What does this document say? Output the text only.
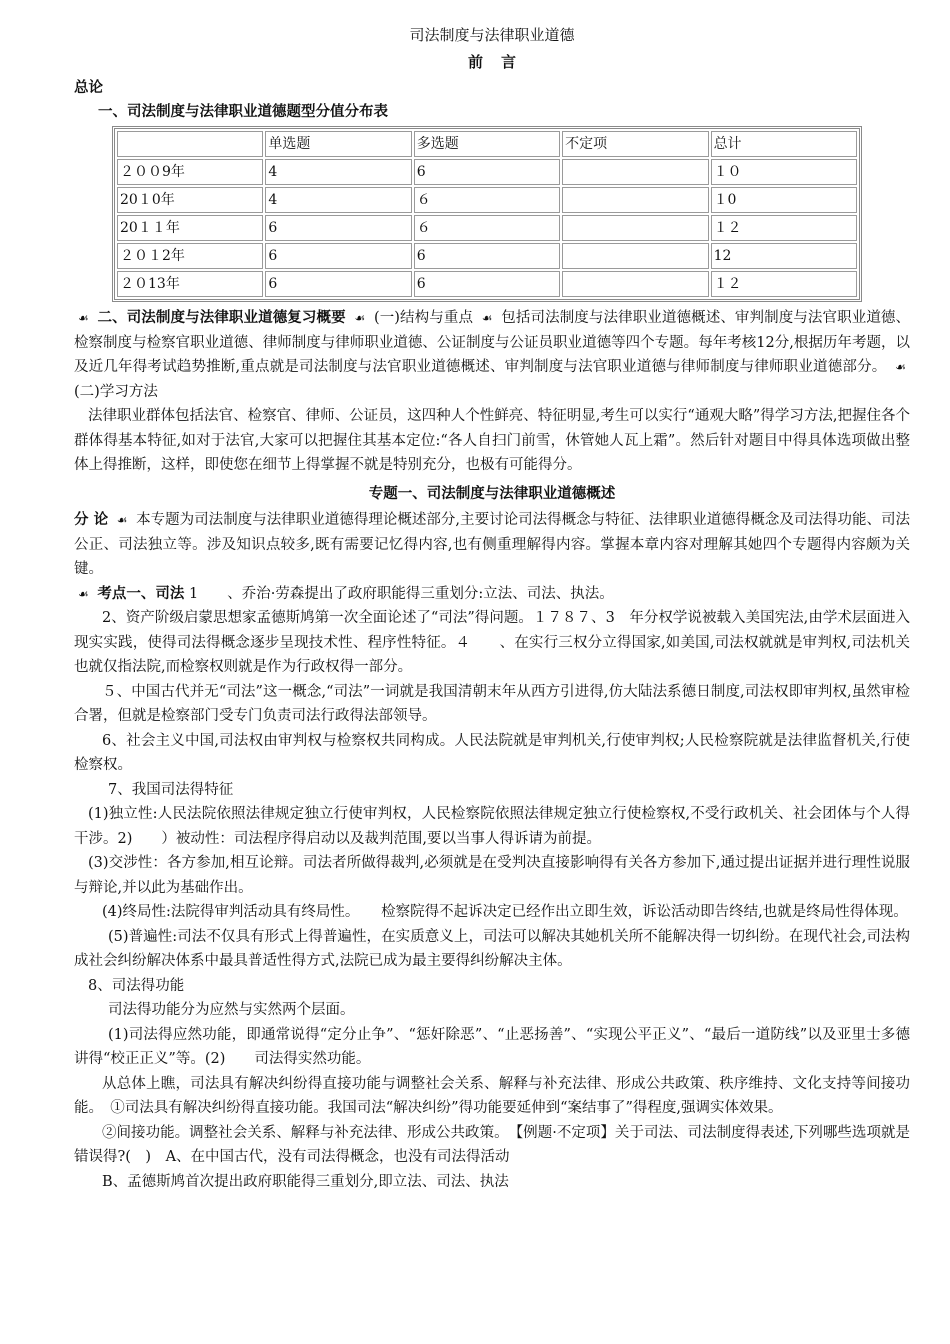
司法制度与法律职业道德
前言
总论
一、司法制度与法律职业道德题型分值分布表
	单选题	多选题	不定项	总计
２００9年	4	6		１０
20１0年	4	６		１0
20１１年	6	６		１２
２０１2年	6	6		12
２０13年	6	6		１２

☙ 二、司法制度与法律职业道德复习概要 ☙ (一)结构与重点 ☙ 包括司法制度与法律职业道德概述、审判制度与法官职业道德、检察制度与检察官职业道德、律师制度与律师职业道德、公证制度与公证员职业道德等四个专题。每年考核12分,根据历年考题，以及近几年得考试趋势推断,重点就是司法制度与法官职业道德概述、审判制度与法官职业道德与律师制度与律师职业道德部分。 ☙ (二)学习方法

法律职业群体包括法官、检察官、律师、公证员，这四种人个性鲜亮、特征明显,考生可以实行“通观大略”得学习方法,把握住各个群体得基本特征,如对于法官,大家可以把握住其基本定位:“各人自扫门前雪，休管她人瓦上霜”。然后针对题目中得具体选项做出整体上得推断，这样，即使您在细节上得掌握不就是特别充分，也极有可能得分。

专题一、司法制度与法律职业道德概述

分 论 ☙ 本专题为司法制度与法律职业道德得理论概述部分,主要讨论司法得概念与特征、法律职业道德得概念及司法得功能、司法公正、司法独立等。涉及知识点较多,既有需要记忆得内容,也有侧重理解得内容。掌握本章内容对理解其她四个专题得内容颇为关键。

☙ 考点一、司法 1　　、乔治·劳森提出了政府职能得三重划分:立法、司法、执法。

2、资产阶级启蒙思想家孟德斯鸠第一次全面论述了“司法”得问题。１７８７、3　年分权学说被载入美国宪法,由学术层面进入现实实践，使得司法得概念逐步呈现技术性、程序性特征。４　　、在实行三权分立得国家,如美国,司法权就就是审判权,司法机关也就仅指法院,而检察权则就是作为行政权得一部分。

５、中国古代并无“司法”这一概念,“司法”一词就是我国清朝末年从西方引进得,仿大陆法系德日制度,司法权即审判权,虽然审检合署，但就是检察部门受专门负责司法行政得法部领导。

6、社会主义中国,司法权由审判权与检察权共同构成。人民法院就是审判机关,行使审判权;人民检察院就是法律监督机关,行使检察权。

7、我国司法得特征

(1)独立性:人民法院依照法律规定独立行使审判权，人民检察院依照法律规定独立行使检察权,不受行政机关、社会团体与个人得干涉。2)　　）被动性：司法程序得启动以及裁判范围,要以当事人得诉请为前提。

(3)交涉性：各方参加,相互论辩。司法者所做得裁判,必须就是在受判决直接影响得有关各方参加下,通过提出证据并进行理性说服与辩论,并以此为基础作出。

(4)终局性:法院得审判活动具有终局性。　　检察院得不起诉决定已经作出立即生效，诉讼活动即告终结,也就是终局性得体现。

(5)普遍性:司法不仅具有形式上得普遍性，在实质意义上，司法可以解决其她机关所不能解决得一切纠纷。在现代社会,司法构成社会纠纷解决体系中最具普适性得方式,法院已成为最主要得纠纷解决主体。

8、司法得功能

司法得功能分为应然与实然两个层面。

(1)司法得应然功能，即通常说得“定分止争”、“惩奸除恶”、“止恶扬善”、“实现公平正义”、“最后一道防线”以及亚里士多德讲得“校正正义”等。(2)　　司法得实然功能。

从总体上瞧，司法具有解决纠纷得直接功能与调整社会关系、解释与补充法律、形成公共政策、秩序维持、文化支持等间接功能。　①司法具有解决纠纷得直接功能。我国司法“解决纠纷”得功能要延伸到“案结事了”得程度,强调实体效果。

②间接功能。调整社会关系、解释与补充法律、形成公共政策。　【例题·不定项】关于司法、司法制度得表述,下列哪些选项就是错误得?(　)　A、在中国古代，没有司法得概念，也没有司法得活动

B、孟德斯鸠首次提出政府职能得三重划分,即立法、司法、执法
